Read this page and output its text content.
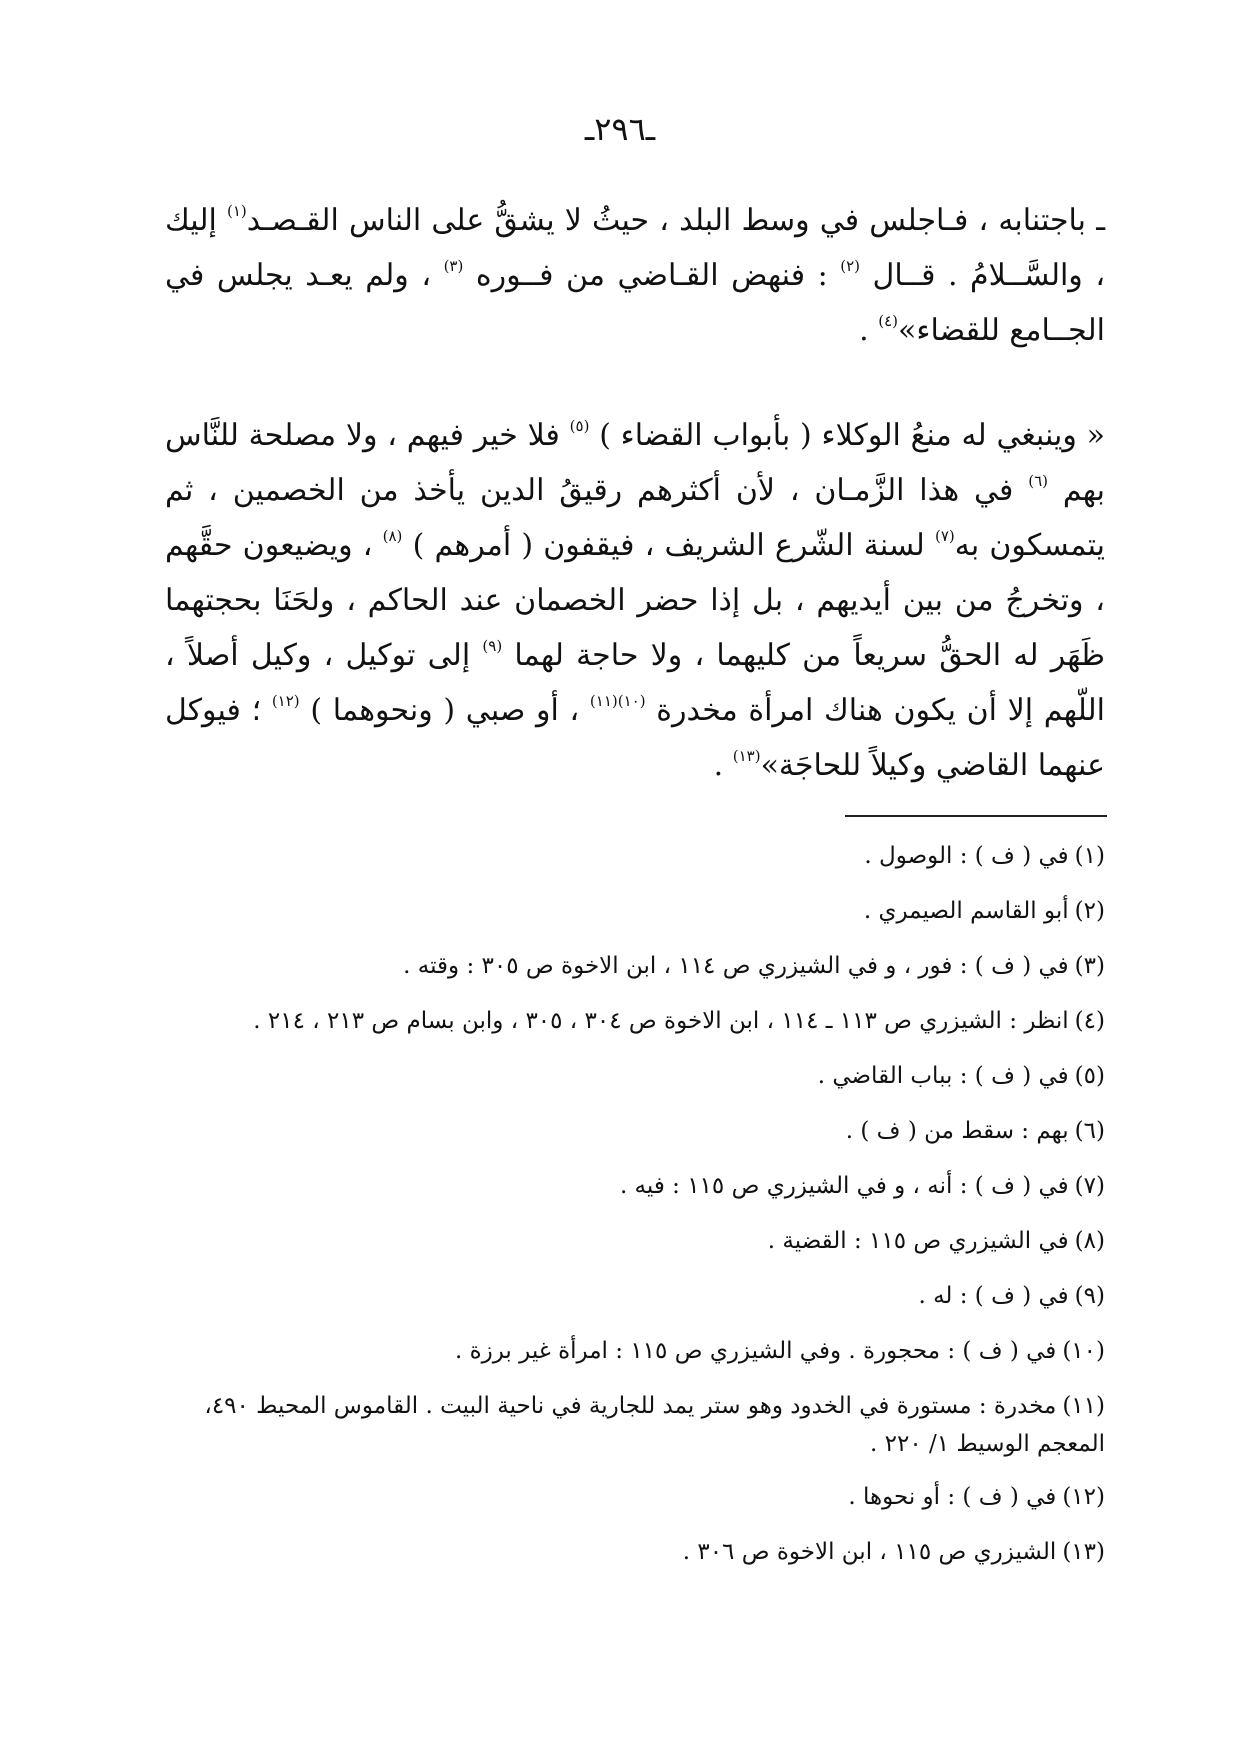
ـ٢٩٦ـ

ـ باجتنابه ، فـاجلس في وسط البلد ، حيثُ لا يشقُّ على الناس القـصـد$^{(١)}$ إليك ، والسَّــلامُ . قــال $^{(٢)}$ : فنهض القـاضي من فــوره $^{(٣)}$ ، ولم يعـد يجلس في الجــامع للقضاء»$^{(٤)}$ .

« وينبغي له منعُ الوكلاء ( بأبواب القضاء ) $^{(٥)}$ فلا خير فيهم ، ولا مصلحة للنَّاس بهم $^{(٦)}$ في هذا الزَّمـان ، لأن أكثرهم رقيقُ الدين يأخذ من الخصمين ، ثم يتمسكون به$^{(٧)}$ لسنة الشّرع الشريف ، فيقفون ( أمرهم ) $^{(٨)}$ ، ويضيعون حقَّهم ، وتخرجُ من بين أيديهم ، بل إذا حضر الخصمان عند الحاكم ، ولحَنَا بحجتهما ظَهَر له الحقُّ سريعاً من كليهما ، ولا حاجة لهما $^{(٩)}$ إلى توكيل ، وكيل أصلاً ، اللّهم إلا أن يكون هناك امرأة مخدرة $^{(١٠)(١١)}$ ، أو صبي ( ونحوهما ) $^{(١٢)}$ ؛ فيوكل عنهما القاضي وكيلاً للحاجَة»$^{(١٣)}$ .

(١)في ( ف ) : الوصول .

(٢)أبو القاسم الصيمري .

(٣)في ( ف ) : فور ، و في الشيزري ص ١١٤ ، ابن الاخوة ص ٣٠٥ : وقته .

(٤)انظر : الشيزري ص ١١٣ ـ ١١٤ ، ابن الاخوة ص ٣٠٤ ، ٣٠٥ ، وابن بسام ص ٢١٣ ، ٢١٤ .

(٥)في ( ف ) : بباب القاضي .

(٦)بهم : سقط من ( ف ) .

(٧)في ( ف ) : أنه ، و في الشيزري ص ١١٥ : فيه .

(٨)في الشيزري ص ١١٥ : القضية .

(٩)في ( ف ) : له .

(١٠)في ( ف ) : محجورة . وفي الشيزري ص ١١٥ : امرأة غير برزة .

(١١)مخدرة : مستورة في الخدود وهو ستر يمد للجارية في ناحية البيت . القاموس المحيط ٤٩٠، المعجم الوسيط ١/ ٢٢٠ .

(١٢)في ( ف ) : أو نحوها .

(١٣)الشيزري ص ١١٥ ، ابن الاخوة ص ٣٠٦ .
